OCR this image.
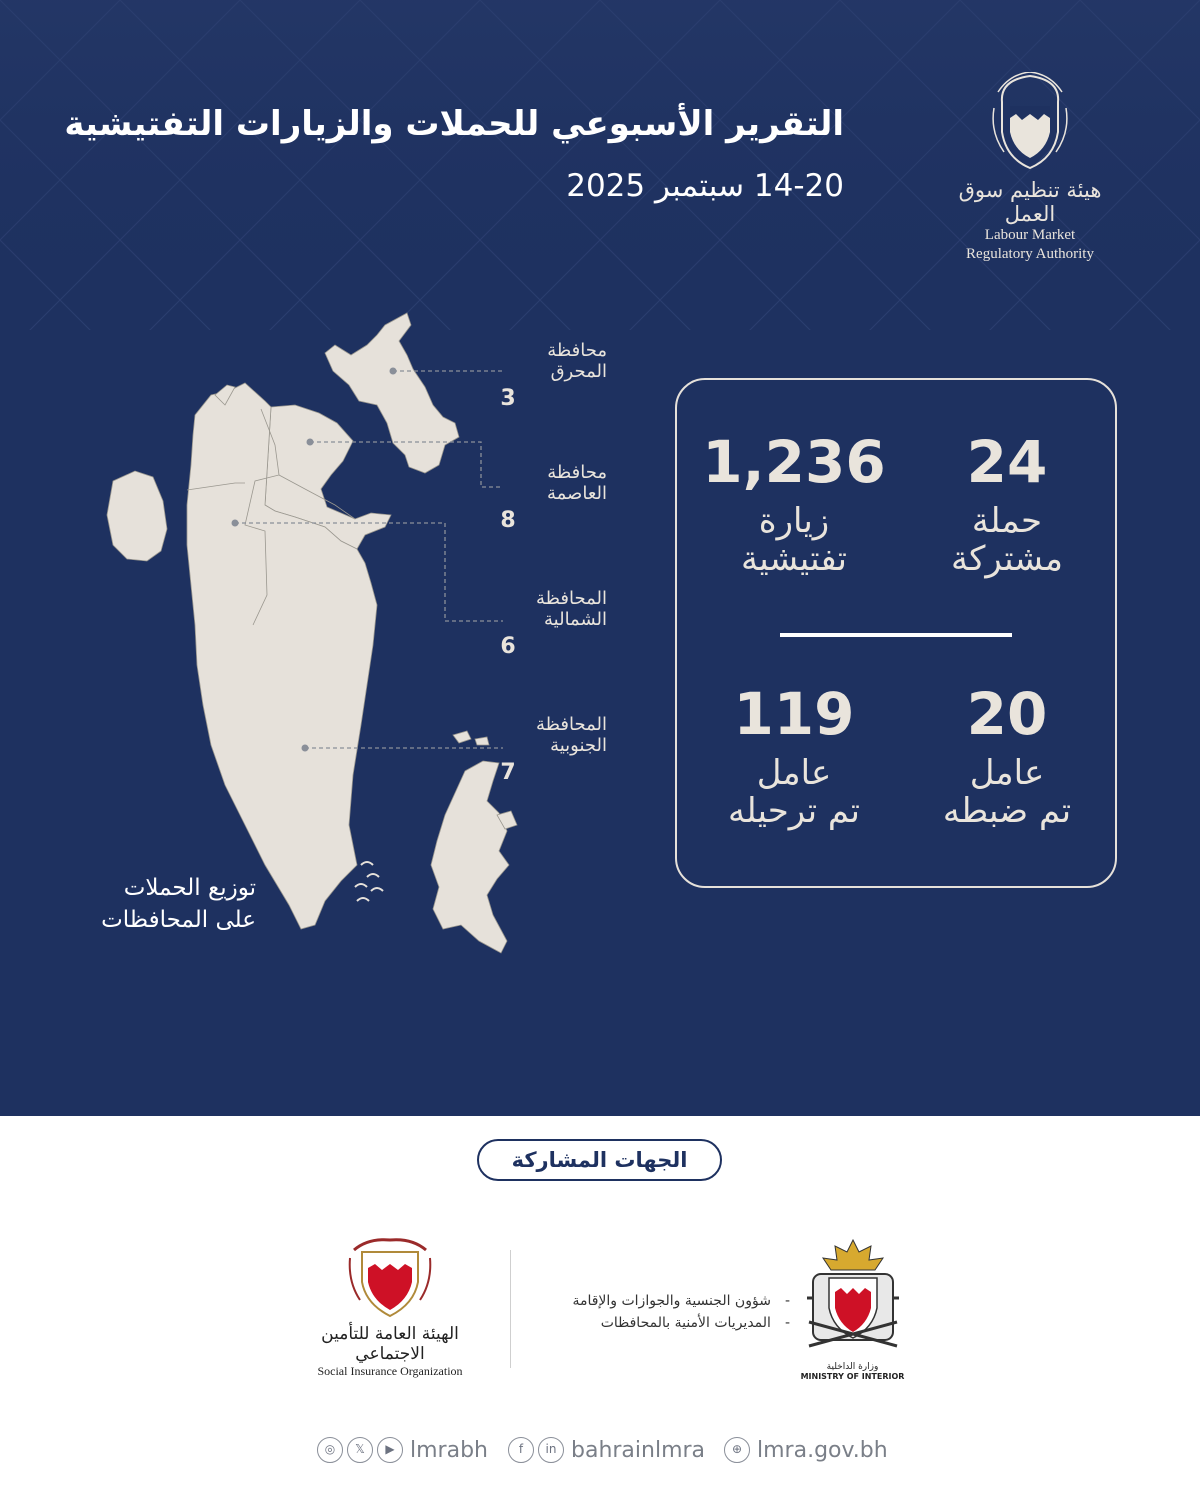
التقرير الأسبوعي للحملات والزيارات التفتيشية
14-20 سبتمبر 2025	هيئة تنظيم سوق العمل
Labour Market
Regulatory Authority
محافظة
المحرق
3
محافظة
العاصمة
8
المحافظة
الشمالية
6
المحافظة
الجنوبية
7
توزيع الحملات
على المحافظات
24
حملة
مشتركة
1,236
زيارة
تفتيشية
20
عامل
تم ضبطه
119
عامل
تم ترحيله
الجهات المشاركة
الهيئة العامة للتأمين الاجتماعي
Social Insurance Organization
-شؤون الجنسية والجوازات والإقامة
-المديريات الأمنية بالمحافظات
وزارة الداخلية
MINISTRY OF INTERIOR
◎	𝕏	▶ lmrabh	f	in bahrainlmra	⊕ lmra.gov.bh
